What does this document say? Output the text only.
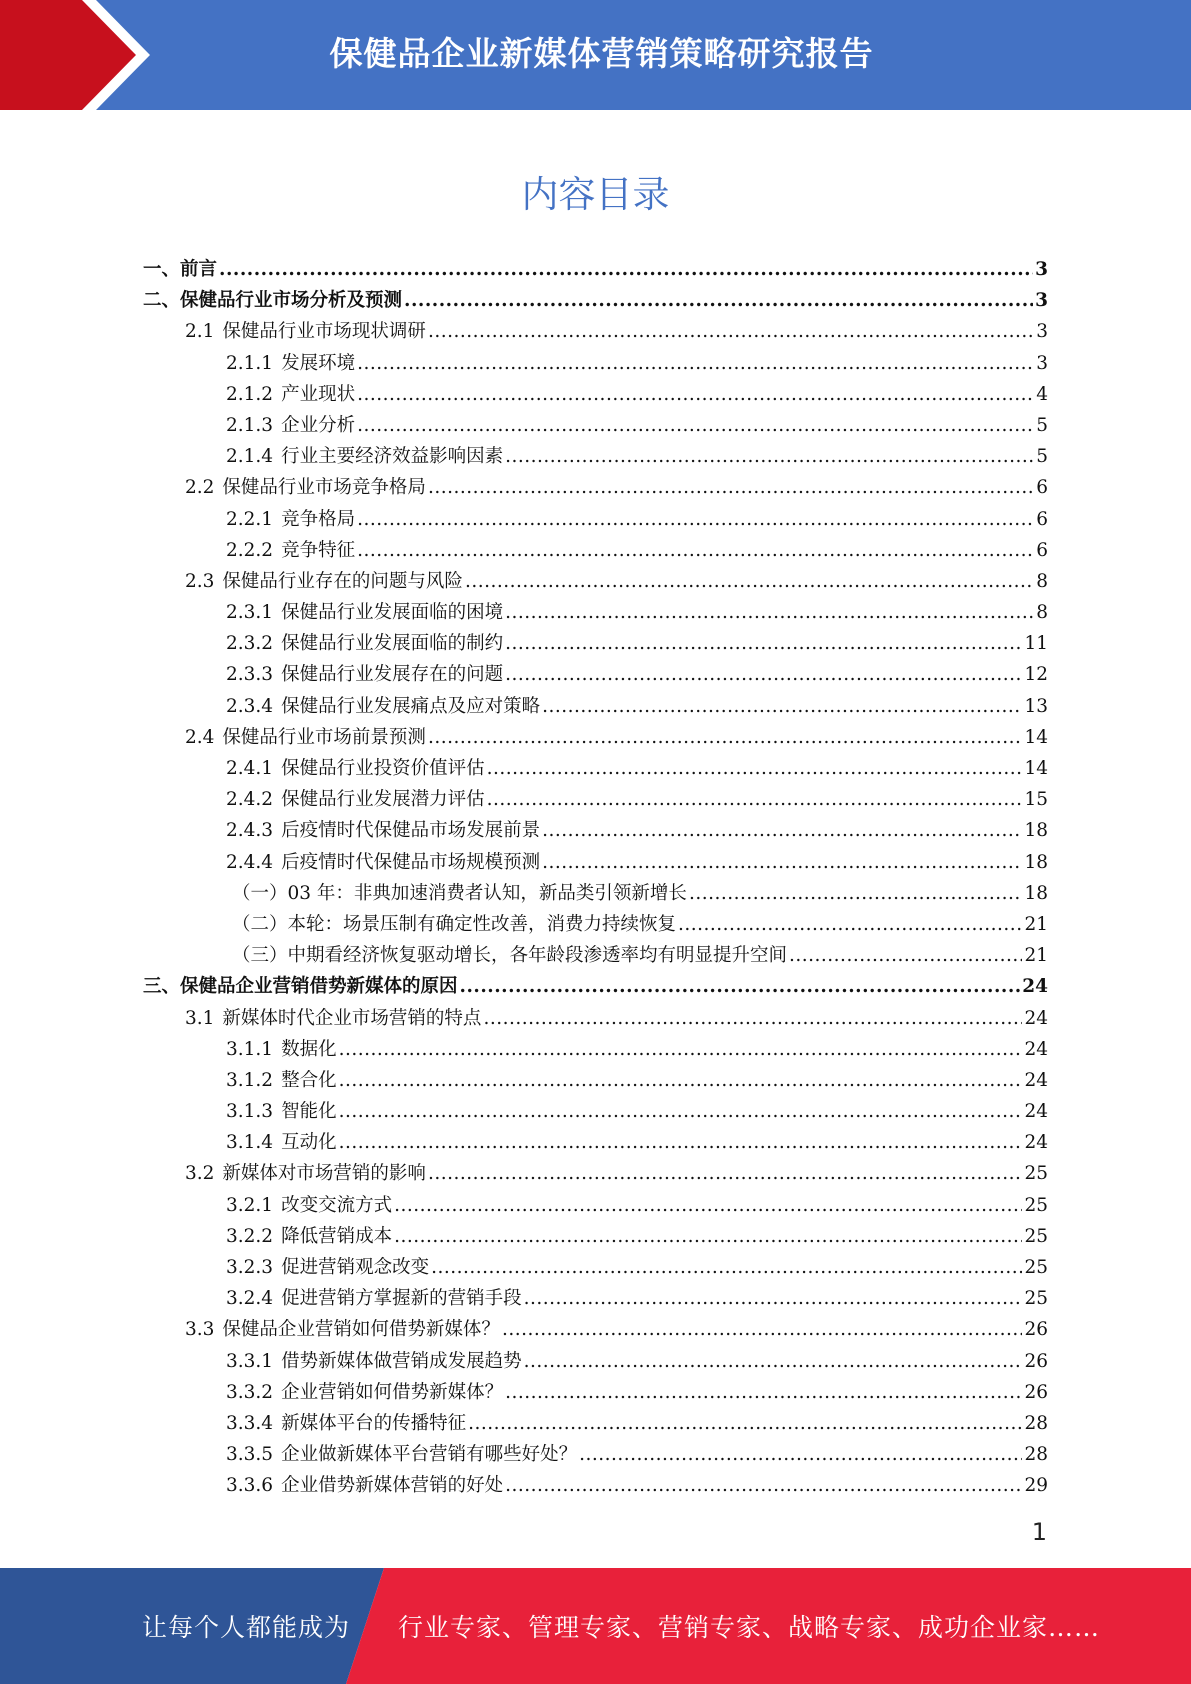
保健品企业新媒体营销策略研究报告
内容目录
一、前言 .....	3
二、保健品行业市场分析及预测 .....	3
2.1 保健品行业市场现状调研 .....	3
2.1.1 发展环境 .....	3
2.1.2 产业现状 .....	4
2.1.3 企业分析 .....	5
2.1.4 行业主要经济效益影响因素 .....	5
2.2 保健品行业市场竞争格局 .....	6
2.2.1 竞争格局 .....	6
2.2.2 竞争特征 .....	6
2.3 保健品行业存在的问题与风险 .....	8
2.3.1 保健品行业发展面临的困境 .....	8
2.3.2 保健品行业发展面临的制约 .....	11
2.3.3 保健品行业发展存在的问题 .....	12
2.3.4 保健品行业发展痛点及应对策略 .....	13
2.4 保健品行业市场前景预测 .....	14
2.4.1 保健品行业投资价值评估 .....	14
2.4.2 保健品行业发展潜力评估 .....	15
2.4.3 后疫情时代保健品市场发展前景 .....	18
2.4.4 后疫情时代保健品市场规模预测 .....	18
（一）03 年：非典加速消费者认知，新品类引领新增长 .....	18
（二）本轮：场景压制有确定性改善，消费力持续恢复 .....	21
（三）中期看经济恢复驱动增长，各年龄段渗透率均有明显提升空间 .....	21
三、保健品企业营销借势新媒体的原因 .....	24
3.1 新媒体时代企业市场营销的特点 .....	24
3.1.1 数据化 .....	24
3.1.2 整合化 .....	24
3.1.3 智能化 .....	24
3.1.4 互动化 .....	24
3.2 新媒体对市场营销的影响 .....	25
3.2.1 改变交流方式 .....	25
3.2.2 降低营销成本 .....	25
3.2.3 促进营销观念改变 .....	25
3.2.4 促进营销方掌握新的营销手段 .....	25
3.3 保健品企业营销如何借势新媒体？ .....	26
3.3.1 借势新媒体做营销成发展趋势 .....	26
3.3.2 企业营销如何借势新媒体？ .....	26
3.3.4 新媒体平台的传播特征 .....	28
3.3.5 企业做新媒体平台营销有哪些好处？ .....	28
3.3.6 企业借势新媒体营销的好处 .....	29
1
让每个人都能成为 行业专家、管理专家、营销专家、战略专家、成功企业家……
